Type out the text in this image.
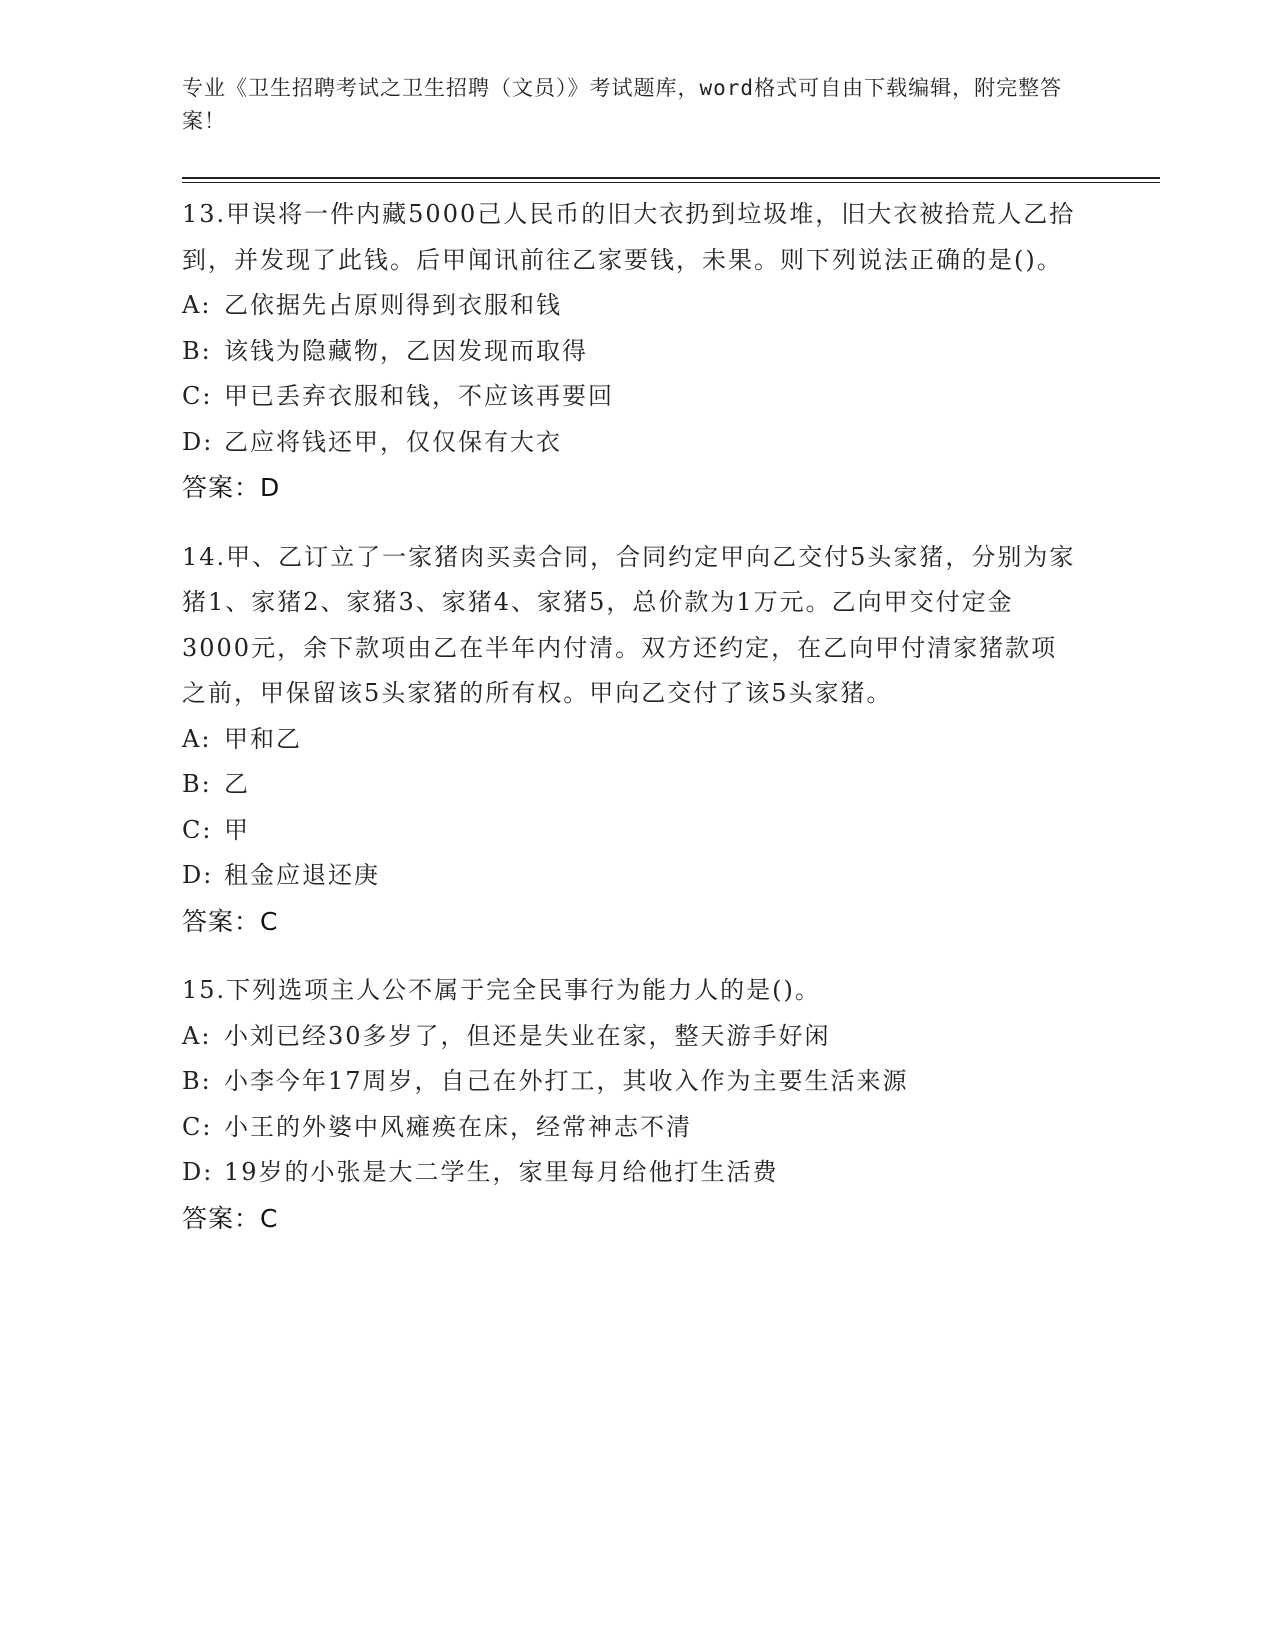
专业《卫生招聘考试之卫生招聘（文员）》考试题库，word格式可自由下载编辑，附完整答案！

13.甲误将一件内藏5000己人民币的旧大衣扔到垃圾堆，旧大衣被拾荒人乙拾到，并发现了此钱。后甲闻讯前往乙家要钱，未果。则下列说法正确的是()。

A: 乙依据先占原则得到衣服和钱

B: 该钱为隐藏物，乙因发现而取得

C: 甲已丢弃衣服和钱，不应该再要回

D: 乙应将钱还甲，仅仅保有大衣

答案：D

14.甲、乙订立了一家猪肉买卖合同，合同约定甲向乙交付5头家猪，分别为家猪1、家猪2、家猪3、家猪4、家猪5，总价款为1万元。乙向甲交付定金3000元，余下款项由乙在半年内付清。双方还约定，在乙向甲付清家猪款项之前，甲保留该5头家猪的所有权。甲向乙交付了该5头家猪。

A: 甲和乙

B: 乙

C: 甲

D: 租金应退还庚

答案：C

15.下列选项主人公不属于完全民事行为能力人的是()。

A: 小刘已经30多岁了，但还是失业在家，整天游手好闲

B: 小李今年17周岁，自己在外打工，其收入作为主要生活来源

C: 小王的外婆中风瘫痪在床，经常神志不清

D: 19岁的小张是大二学生，家里每月给他打生活费

答案：C
